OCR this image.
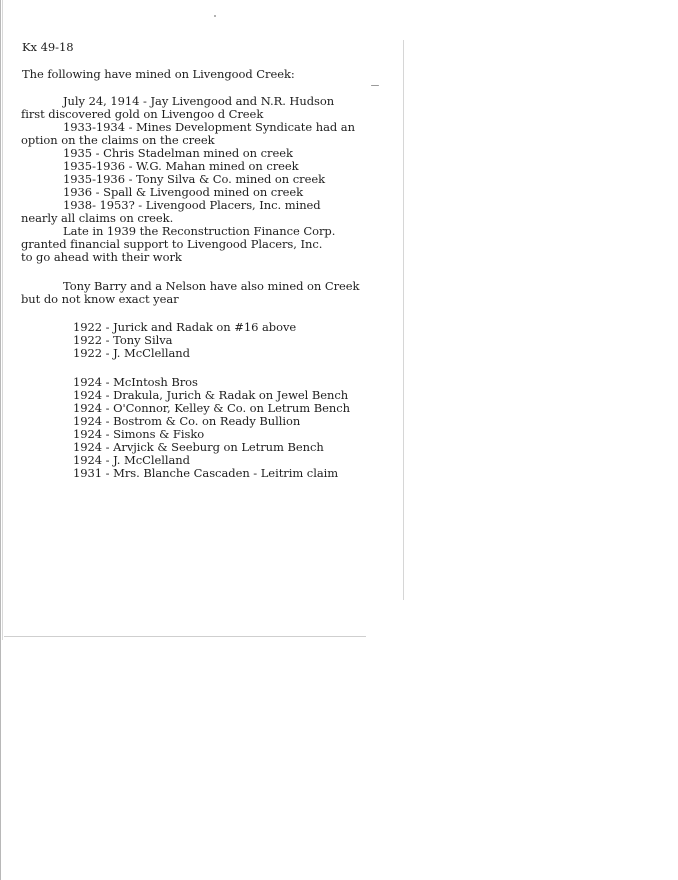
Kx 49-18
The following have mined on Livengood Creek:
July 24, 1914 - Jay Livengood and N.R. Hudson
first discovered gold on Livengoo d Creek
1933-1934 - Mines Development Syndicate had an
option on the claims on the creek
1935 - Chris Stadelman mined on creek
1935-1936 - W.G. Mahan mined on creek
1935-1936 - Tony Silva & Co. mined on creek
1936 - Spall & Livengood mined on creek
1938- 1953? - Livengood Placers, Inc. mined
nearly all claims on creek.
Late in 1939 the Reconstruction Finance Corp.
granted financial support to Livengood Placers, Inc.
to go ahead with their work
Tony Barry and a Nelson have also mined on Creek
but do not know exact year
1922 - Jurick and Radak on #16 above
1922 - Tony Silva
1922 - J. McClelland
1924 - McIntosh Bros
1924 - Drakula, Jurich & Radak on Jewel Bench
1924 - O'Connor, Kelley & Co. on Letrum Bench
1924 - Bostrom & Co. on Ready Bullion
1924 - Simons & Fisko
1924 - Arvjick & Seeburg on Letrum Bench
1924 - J. McClelland
1931 - Mrs. Blanche Cascaden - Leitrim claim
